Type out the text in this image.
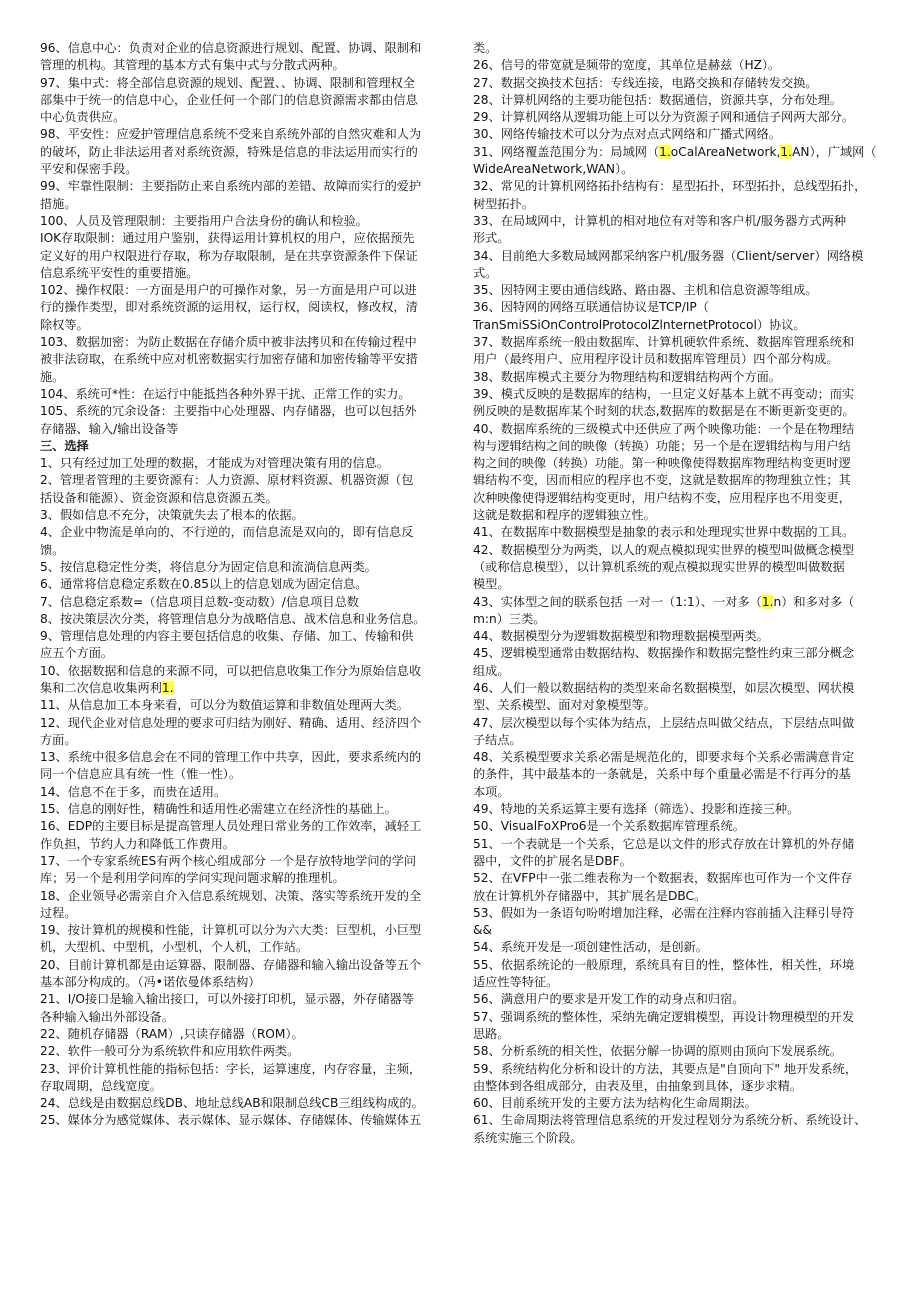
96、信息中心：负责对企业的信息资源进行规划、配置、协调、限制和
管理的机构。其管理的基本方式有集中式与分散式两种。

97、集中式：将全部信息资源的规划、配置、、协调、限制和管理权全
部集中于统一的信息中心，企业任何一个部门的信息资源需求都由信息
中心负责供应。

98、平安性：应爱护管理信息系统不受来自系统外部的自然灾难和人为
的破坏，防止非法运用者对系统资源，特殊是信息的非法运用而实行的
平安和保密手段。

99、牢靠性限制：主要指防止来自系统内部的差错、故障而实行的爱护
措施。

100、人员及管理限制：主要指用户合法身份的确认和检验。

IOK存取限制：通过用户鉴别，获得运用计算机权的用户，应依据预先
定义好的用户权限进行存取，称为存取限制，是在共享资源条件下保证
信息系统平安性的重要措施。

102、操作权限：一方面是用户的可操作对象，另一方面是用户可以进
行的操作类型，即对系统资源的运用权，运行权，阅读权，修改权，清
除权等。

103、数据加密：为防止数据在存储介质中被非法拷贝和在传输过程中
被非法窃取，在系统中应对机密数据实行加密存储和加密传输等平安措
施。

104、系统可*性：在运行中能抵挡各种外界干扰、正常工作的实力。

105、系统的冗余设备：主要指中心处理器、内存储器，也可以包括外
存储器、输入/输出设备等

三、选择

1、只有经过加工处理的数据，才能成为对管理决策有用的信息。

2、管理者管理的主要资源有：人力资源、原材料资源、机器资源（包
括设备和能源）、资金资源和信息资源五类。

3、假如信息不充分，决策就失去了根本的依据。

4、企业中物流是单向的、不行逆的，而信息流是双向的，即有信息反
馈。

5、按信息稳定性分类，将信息分为固定信息和流淌信息两类。

6、通常将信息稳定系数在0.85以上的信息划成为固定信息。

7、信息稳定系数=（信息项目总数-变动数）/信息项目总数

8、按决策层次分类，将管理信息分为战略信息、战术信息和业务信息。

9、管理信息处理的内容主要包括信息的收集、存储、加工、传输和供
应五个方面。

10、依据数据和信息的来源不同，可以把信息收集工作分为原始信息收
集和二次信息收集两利1.

11、从信息加工本身来看，可以分为数值运算和非数值处理两大类。

12、现代企业对信息处理的要求可归结为刚好、精确、适用、经济四个
方面。

13、系统中很多信息会在不同的管理工作中共享，因此，要求系统内的
同一个信息应具有统一性（惟一性）。

14、信息不在于多，而贵在适用。

15、信息的刚好性，精确性和适用性必需建立在经济性的基础上。

16、EDP的主要目标是提高管理人员处理日常业务的工作效率，减轻工
作负担，节约人力和降低工作费用。

17、一个专家系统ES有两个核心组成部分 一个是存放特地学问的学问
库；另一个是利用学问库的学问实现问题求解的推理机。

18、企业领导必需亲自介入信息系统规划、决策、落实等系统开发的全
过程。

19、按计算机的规模和性能，计算机可以分为六大类：巨型机，小巨型
机，大型机、中型机，小型机，个人机，工作站。

20、目前计算机都是由运算器、限制器、存储器和输入输出设备等五个
基本部分构成的。（冯•诺依曼体系结构）

21、I/O接口是输入输出接口，可以外接打印机，显示器，外存储器等
各种输入输出外部设备。

22、随机存储器（RAM）,只读存储器（ROM）。

22、软件一般可分为系统软件和应用软件两类。

23、评价计算机性能的指标包括：字长，运算速度，内存容量，主频，
存取周期，总线宽度。

24、总线是由数据总线DB、地址总线AB和限制总线CB三组线构成的。

25、媒体分为感觉媒体、表示媒体、显示媒体、存储媒体、传输媒体五

类。

26、信号的带宽就是频带的宽度，其单位是赫兹（HZ）。

27、数据交换技术包括：专线连接，电路交换和存储转发交换。

28、计算机网络的主要功能包括：数据通信，资源共享，分布处理。

29、计算机网络从逻辑功能上可以分为资源子网和通信子网两大部分。

30、网络传输技术可以分为点对点式网络和广播式网络。

31、网络覆盖范围分为：局域网（1.oCalAreaNetwork,1.AN），广域网（
WideAreaNetwork,WAN）。

32、常见的计算机网络拓扑结构有：星型拓扑，环型拓扑，总线型拓扑，
树型拓扑。

33、在局域网中，计算机的相对地位有对等和客户机/服务器方式两种
形式。

34、目前绝大多数局域网都采纳客户机/服务器（CIient/server）网络模
式。

35、因特网主要由通信线路、路由器、主机和信息资源等组成。

36、因特网的网络互联通信协议是TCP/IP（
TranSmiSSiOnControlProtocolZlnternetProtocol）协议。

37、数据库系统一般由数据库、计算机硬软件系统、数据库管理系统和
用户（最终用户、应用程序设计员和数据库管理员）四个部分构成。

38、数据库模式主要分为物理结构和逻辑结构两个方面。

39、模式反映的是数据库的结构，一旦定义好基本上就不再变动；而实
例反映的是数据库某个时刻的状态,数据库的数据是在不断更新变更的。

40、数据库系统的三级模式中还供应了两个映像功能：一个是在物理结
构与逻辑结构之间的映像（转换）功能；另一个是在逻辑结构与用户结
构之间的映像（转换）功能。第一种映像使得数据库物理结构变更时逻
辑结构不变，因而相应的程序也不变，这就是数据库的物理独立性；其
次种映像使得逻辑结构变更时，用户结构不变，应用程序也不用变更，
这就是数据和程序的逻辑独立性。

41、在数据库中数据模型是抽象的表示和处理现实世界中数据的工具。

42、数据模型分为两类，以人的观点模拟现实世界的模型叫做概念模型
（或称信息模型），以计算机系统的观点模拟现实世界的模型叫做数据
模型。

43、实体型之间的联系包括 一对一（1:1）、一对多（1.n）和多对多（
m:n）三类。

44、数据模型分为逻辑数据模型和物理数据模型两类。

45、逻辑模型通常由数据结构、数据操作和数据完整性约束三部分概念
组成。

46、人们一般以数据结构的类型来命名数据模型，如层次模型、网状模
型、关系模型、面对对象模型等。

47、层次模型以每个实体为结点，上层结点叫做父结点，下层结点叫做
子结点。

48、关系模型要求关系必需是规范化的，即要求每个关系必需满意肯定
的条件，其中最基本的一条就是，关系中每个重量必需是不行再分的基
本项。

49、特地的关系运算主要有选择（筛选）、投影和连接三种。

50、VisualFoXPro6是一个关系数据库管理系统。

51、一个表就是一个关系，它总是以文件的形式存放在计算机的外存储
器中，文件的扩展名是DBF。

52、在VFP中一张二维表称为一个数据表，数据库也可作为一个文件存
放在计算机外存储器中，其扩展名是DBC。

53、假如为一条语句吩咐增加注释，必需在注释内容前插入注释引导符
&&

54、系统开发是一项创建性活动，是创新。

55、依据系统论的一般原理，系统具有目的性，整体性，相关性，环境
适应性等特征。

56、满意用户的要求是开发工作的动身点和归宿。

57、强调系统的整体性，采纳先确定逻辑模型，再设计物理模型的开发
思路。

58、分析系统的相关性，依据分解一协调的原则由顶向下发展系统。

59、系统结构化分析和设计的方法，其要点是"自顶向下" 地开发系统，
由整体到各组成部分，由表及里，由抽象到具体，逐步求精。

60、目前系统开发的主要方法为结构化生命周期法。

61、生命周期法将管理信息系统的开发过程划分为系统分析、系统设计、
系统实施三个阶段。
